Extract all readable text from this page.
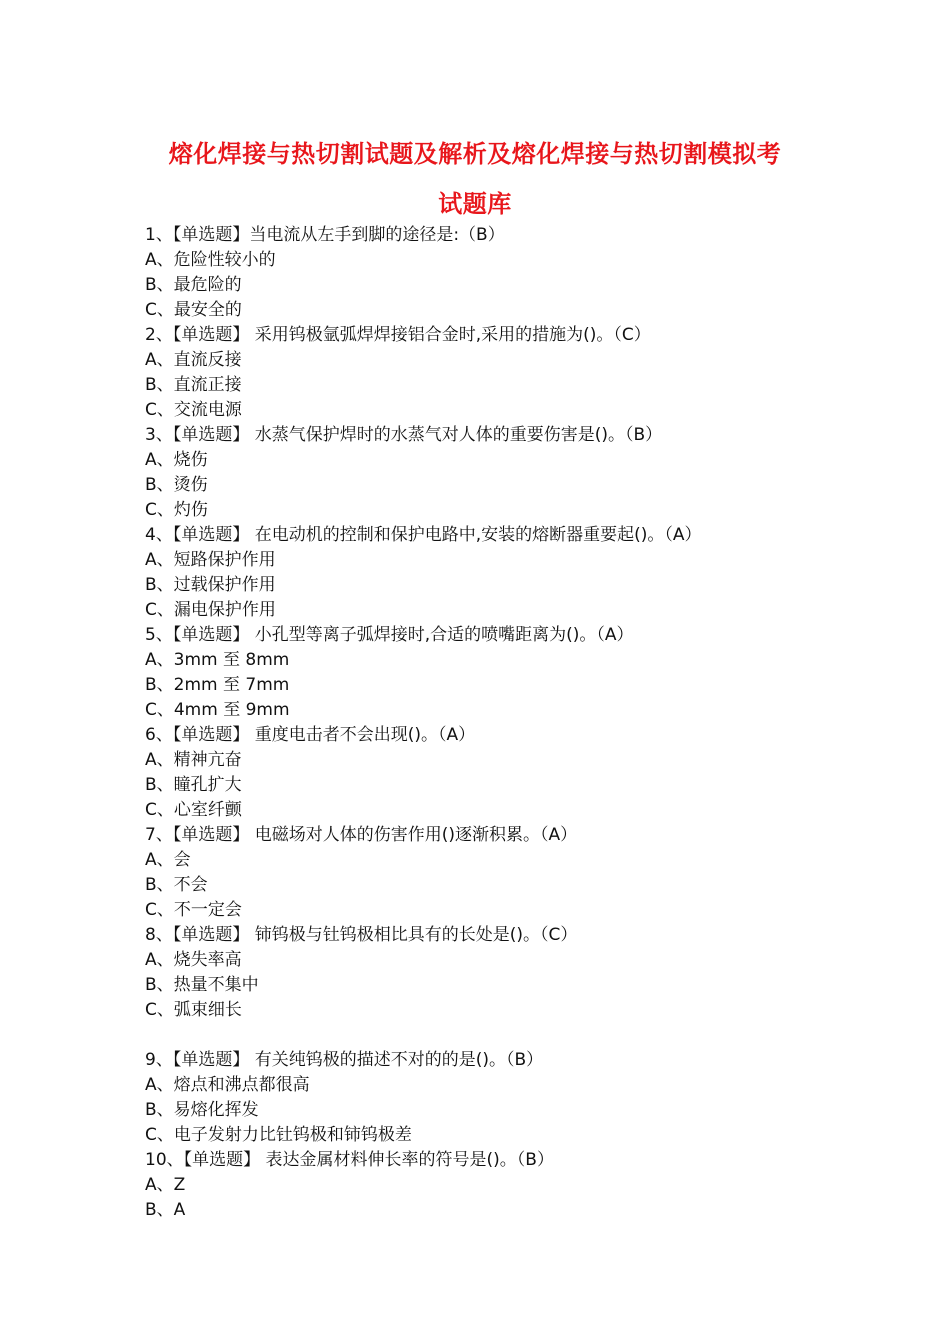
熔化焊接与热切割试题及解析及熔化焊接与热切割模拟考
试题库
1、【单选题】当电流从左手到脚的途径是:（B）
A、危险性较小的
B、最危险的
C、最安全的
2、【单选题】 采用钨极氩弧焊焊接铝合金时,采用的措施为()。（C）
A、直流反接
B、直流正接
C、交流电源
3、【单选题】 水蒸气保护焊时的水蒸气对人体的重要伤害是()。（B）
A、烧伤
B、烫伤
C、灼伤
4、【单选题】 在电动机的控制和保护电路中,安装的熔断器重要起()。（A）
A、短路保护作用
B、过载保护作用
C、漏电保护作用
5、【单选题】 小孔型等离子弧焊接时,合适的喷嘴距离为()。（A）
A、3mm 至 8mm
B、2mm 至 7mm
C、4mm 至 9mm
6、【单选题】 重度电击者不会出现()。（A）
A、精神亢奋
B、瞳孔扩大
C、心室纤颤
7、【单选题】 电磁场对人体的伤害作用()逐渐积累。（A）
A、会
B、不会
C、不一定会
8、【单选题】 铈钨极与钍钨极相比具有的长处是()。（C）
A、烧失率高
B、热量不集中
C、弧束细长
9、【单选题】 有关纯钨极的描述不对的的是()。（B）
A、熔点和沸点都很高
B、易熔化挥发
C、电子发射力比钍钨极和铈钨极差
10、【单选题】 表达金属材料伸长率的符号是()。（B）
A、Z
B、A
